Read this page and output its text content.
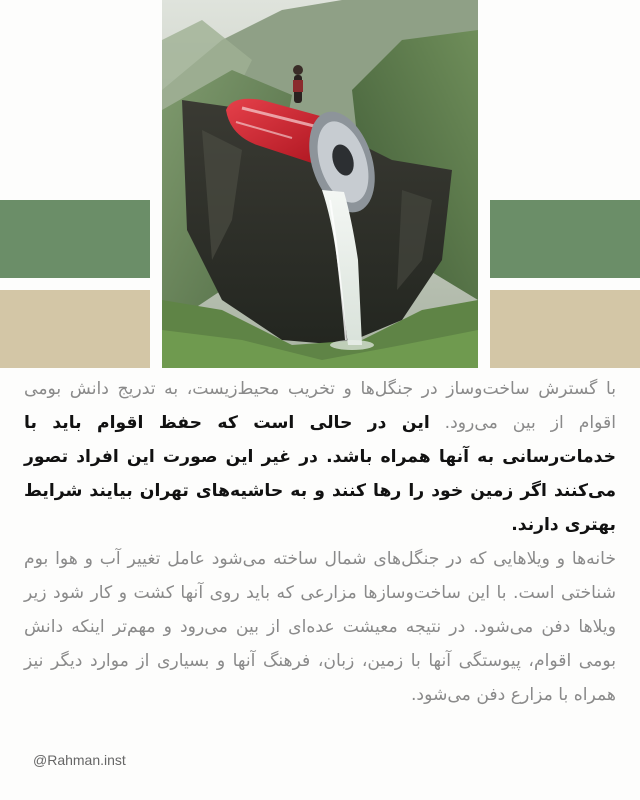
با گسترش ساخت‌وساز در جنگل‌ها و تخریب محیط‌زیست، به تدریج دانش بومی اقوام از بین می‌رود. این در حالی است که حفظ اقوام باید با خدمات‌رسانی به آنها همراه باشد. در غیر این صورت این افراد تصور می‌کنند اگر زمین خود را رها کنند و به حاشیه‌های تهران بیایند شرایط بهتری دارند.

خانه‌ها و ویلاهایی که در جنگل‌های شمال ساخته می‌شود عامل تغییر آب و هوا بوم شناختی است. با این ساخت‌وسازها مزارعی که باید روی آنها کشت و کار شود زیر ویلاها دفن می‌شود. در نتیجه معیشت عده‌ای از بین می‌رود و مهم‌تر اینکه دانش بومی اقوام، پیوستگی آنها با زمین، زبان، فرهنگ آنها و بسیاری از موارد دیگر نیز همراه با مزارع دفن می‌شود.

@Rahman.inst
